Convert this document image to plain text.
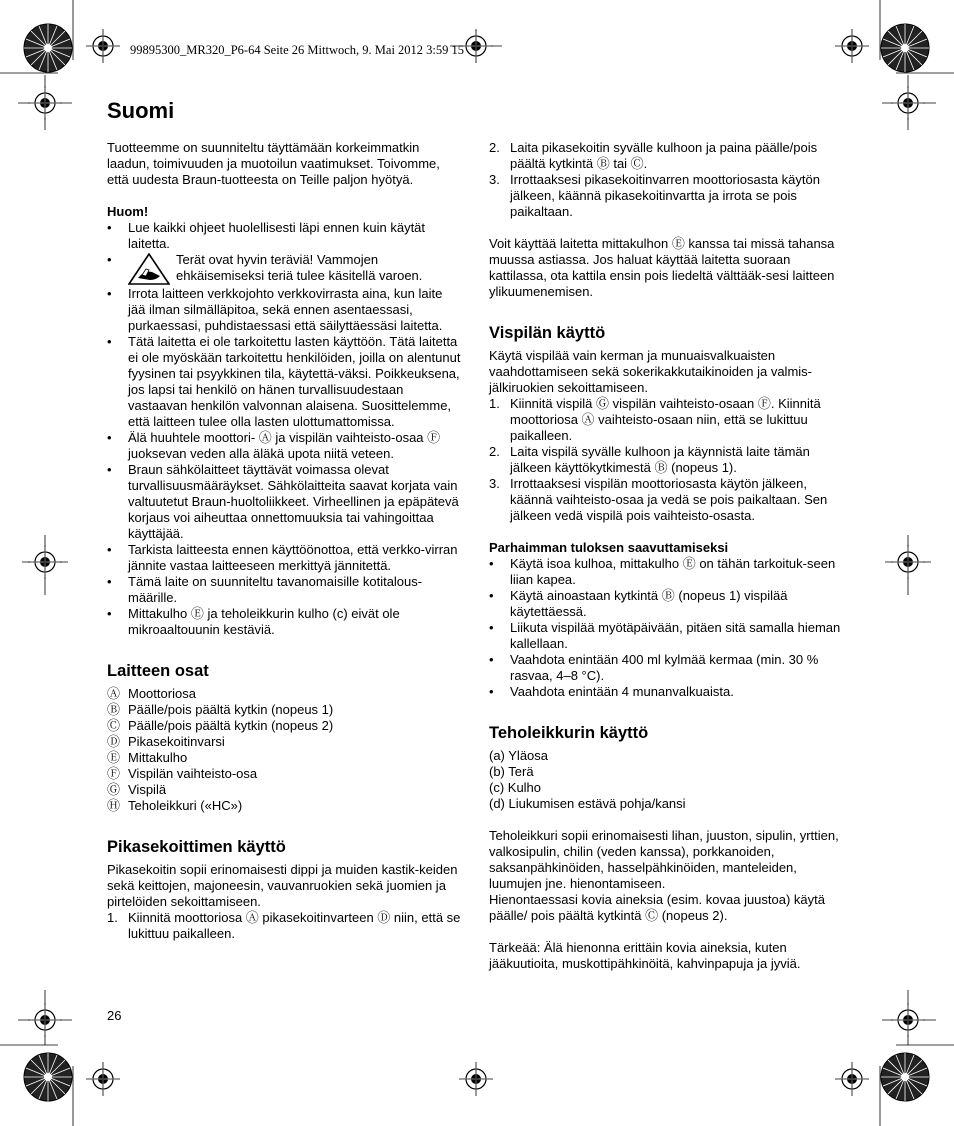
99895300_MR320_P6-64 Seite 26 Mittwoch, 9. Mai 2012 3:59 15
Suomi

Tuotteemme on suunniteltu täyttämään korkeimmatkin laadun, toimivuuden ja muotoilun vaatimukset. Toivomme, että uudesta Braun-tuotteesta on Teille paljon hyötyä.

Huom!

• Lue kaikki ohjeet huolellisesti läpi ennen kuin käytät laitetta.
•	Terät ovat hyvin teräviä! Vammojen ehkäisemiseksi teriä tulee käsitellä varoen.
• Irrota laitteen verkkojohto verkkovirrasta aina, kun laite jää ilman silmälläpitoa, sekä ennen asentaessasi, purkaessasi, puhdistaessasi että säilyttäessäsi laitetta.
• Tätä laitetta ei ole tarkoitettu lasten käyttöön. Tätä laitetta ei ole myöskään tarkoitettu henkilöiden, joilla on alentunut fyysinen tai psyykkinen tila, käytettä-väksi. Poikkeuksena, jos lapsi tai henkilö on hänen turvallisuudestaan vastaavan henkilön valvonnan alaisena. Suosittelemme, että laitteen tulee olla lasten ulottumattomissa.
• Älä huuhtele moottori- Ⓐ ja vispilän vaihteisto-osaa Ⓕ juoksevan veden alla äläkä upota niitä veteen.
• Braun sähkölaitteet täyttävät voimassa olevat turvallisuusmääräykset. Sähkölaitteita saavat korjata vain valtuutetut Braun-huoltoliikkeet. Virheellinen ja epäpätevä korjaus voi aiheuttaa onnettomuuksia tai vahingoittaa käyttäjää.
• Tarkista laitteesta ennen käyttöönottoa, että verkko-virran jännite vastaa laitteeseen merkittyä jännitettä.
• Tämä laite on suunniteltu tavanomaisille kotitalous-määrille.
• Mittakulho Ⓔ ja teholeikkurin kulho (c) eivät ole mikroaaltouunin kestäviä.
Laitteen osat
Ⓐ Moottoriosa
Ⓑ Päälle/pois päältä kytkin (nopeus 1)
Ⓒ Päälle/pois päältä kytkin (nopeus 2)
Ⓓ Pikasekoitinvarsi
Ⓔ Mittakulho
Ⓕ Vispilän vaihteisto-osa
Ⓖ Vispilä
Ⓗ Teholeikkuri («HC»)
Pikasekoittimen käyttö

Pikasekoitin sopii erinomaisesti dippi ja muiden kastik-keiden sekä keittojen, majoneesin, vauvanruokien sekä juomien ja pirtelöiden sekoittamiseen.

1. Kiinnitä moottoriosa Ⓐ pikasekoitinvarteen Ⓓ niin, että se lukittuu paikalleen.
2. Laita pikasekoitin syvälle kulhoon ja paina päälle/pois päältä kytkintä Ⓑ tai Ⓒ.
3. Irrottaaksesi pikasekoitinvarren moottoriosasta käytön jälkeen, käännä pikasekoitinvartta ja irrota se pois paikaltaan.

Voit käyttää laitetta mittakulhon Ⓔ kanssa tai missä tahansa muussa astiassa. Jos haluat käyttää laitetta suoraan kattilassa, ota kattila ensin pois liedeltä välttääk-sesi laitteen ylikuumenemisen.

Vispilän käyttö

Käytä vispilää vain kerman ja munuaisvalkuaisten vaahdottamiseen sekä sokerikakkutaikinoiden ja valmis-jälkiruokien sekoittamiseen.

1. Kiinnitä vispilä Ⓖ vispilän vaihteisto-osaan Ⓕ. Kiinnitä moottoriosa Ⓐ vaihteisto-osaan niin, että se lukittuu paikalleen.
2. Laita vispilä syvälle kulhoon ja käynnistä laite tämän jälkeen käyttökytkimestä Ⓑ (nopeus 1).
3. Irrottaaksesi vispilän moottoriosasta käytön jälkeen, käännä vaihteisto-osaa ja vedä se pois paikaltaan. Sen jälkeen vedä vispilä pois vaihteisto-osasta.

Parhaimman tuloksen saavuttamiseksi

• Käytä isoa kulhoa, mittakulho Ⓔ on tähän tarkoituk-seen liian kapea.
• Käytä ainoastaan kytkintä Ⓑ (nopeus 1) vispilää käytettäessä.
• Liikuta vispilää myötäpäivään, pitäen sitä samalla hieman kallellaan.
• Vaahdota enintään 400 ml kylmää kermaa (min. 30 % rasvaa, 4–8 °C).
• Vaahdota enintään 4 munanvalkuaista.
Teholeikkurin käyttö

(a) Yläosa

(b) Terä

(c) Kulho

(d) Liukumisen estävä pohja/kansi

Teholeikkuri sopii erinomaisesti lihan, juuston, sipulin, yrttien, valkosipulin, chilin (veden kanssa), porkkanoiden, saksanpähkinöiden, hasselpähkinöiden, manteleiden, luumujen jne. hienontamiseen.

Hienontaessasi kovia aineksia (esim. kovaa juustoa) käytä päälle/ pois päältä kytkintä Ⓒ (nopeus 2).

Tärkeää: Älä hienonna erittäin kovia aineksia, kuten jääkuutioita, muskottipähkinöitä, kahvinpapuja ja jyviä.

26
